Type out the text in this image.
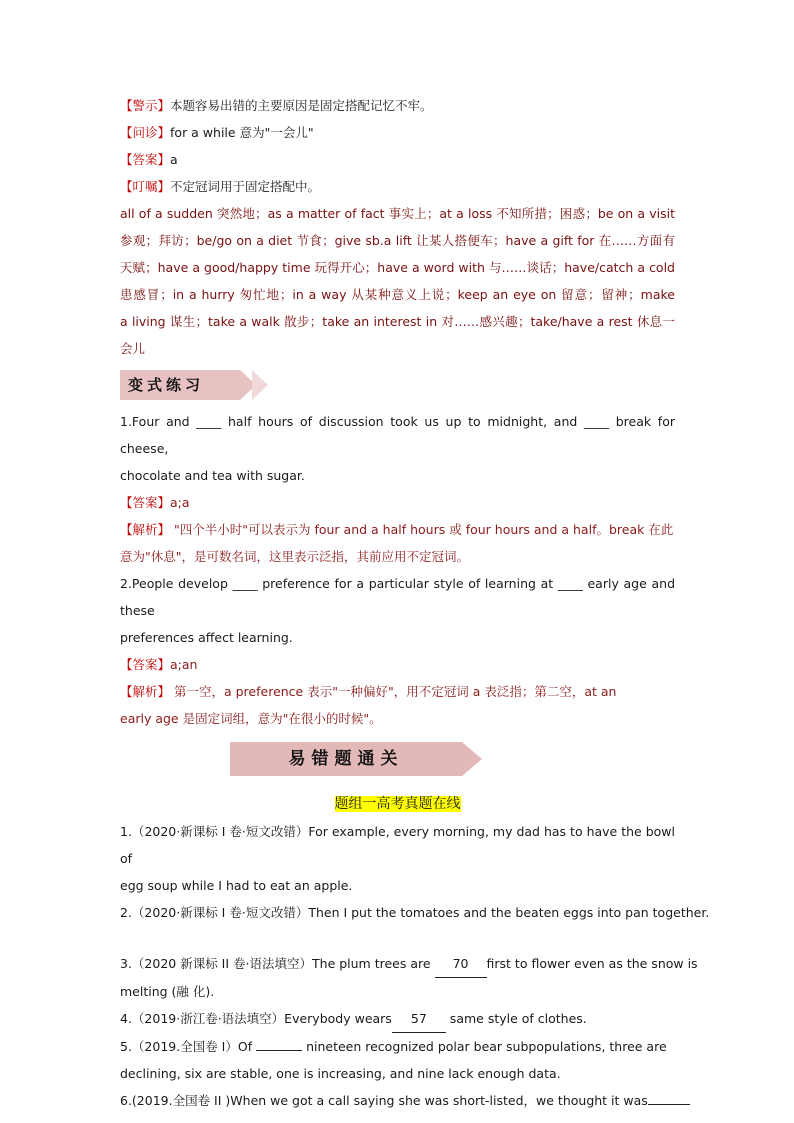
【警示】本题容易出错的主要原因是固定搭配记忆不牢。
【问诊】for a while 意为"一会儿"
【答案】a
【叮嘱】不定冠词用于固定搭配中。
all of a sudden 突然地；as a matter of fact 事实上；at a loss 不知所措；困惑；be on a visit
参观；拜访；be/go on a diet 节食；give sb.a lift 让某人搭便车；have a gift for 在……方面有
天赋；have a good/happy time 玩得开心；have a word with 与……谈话；have/catch a cold
患感冒；in a hurry 匆忙地；in a way 从某种意义上说；keep an eye on 留意；留神；make
a living 谋生；take a walk 散步；take an interest in 对……感兴趣；take/have a rest 休息一
会儿
变式练习
1.Four and ____ half hours of discussion took us up to midnight, and ____ break for cheese,
chocolate and tea with sugar.
【答案】a;a
【解析】 "四个半小时"可以表示为 four and a half hours 或 four hours and a half。break 在此
意为"休息"，是可数名词，这里表示泛指，其前应用不定冠词。
2.People develop ____ preference for a particular style of learning at ____ early age and these
preferences affect learning.
【答案】a;an
【解析】 第一空，a preference 表示"一种偏好"，用不定冠词 a 表泛指；第二空，at an
early age 是固定词组，意为"在很小的时候"。
易错题通关
题组一高考真题在线
1.（2020·新课标 I 卷·短文改错）For example, every morning, my dad has to have the bowl of
egg soup while I had to eat an apple.
2.（2020·新课标 I 卷·短文改错）Then I put the tomatoes and the beaten eggs into pan together.
3.（2020 新课标 II 卷·语法填空）The plum trees are 70 first to flower even as the snow is
melting (融 化).
4.（2019·浙江卷·语法填空）Everybody wears 57 same style of clothes.
5.（2019.全国卷 I）Of	nineteen recognized polar bear subpopulations, three are
declining, six are stable, one is increasing, and nine lack enough data.
6.(2019.全国卷 II )When we got a call saying she was short-listed，we thought it was
